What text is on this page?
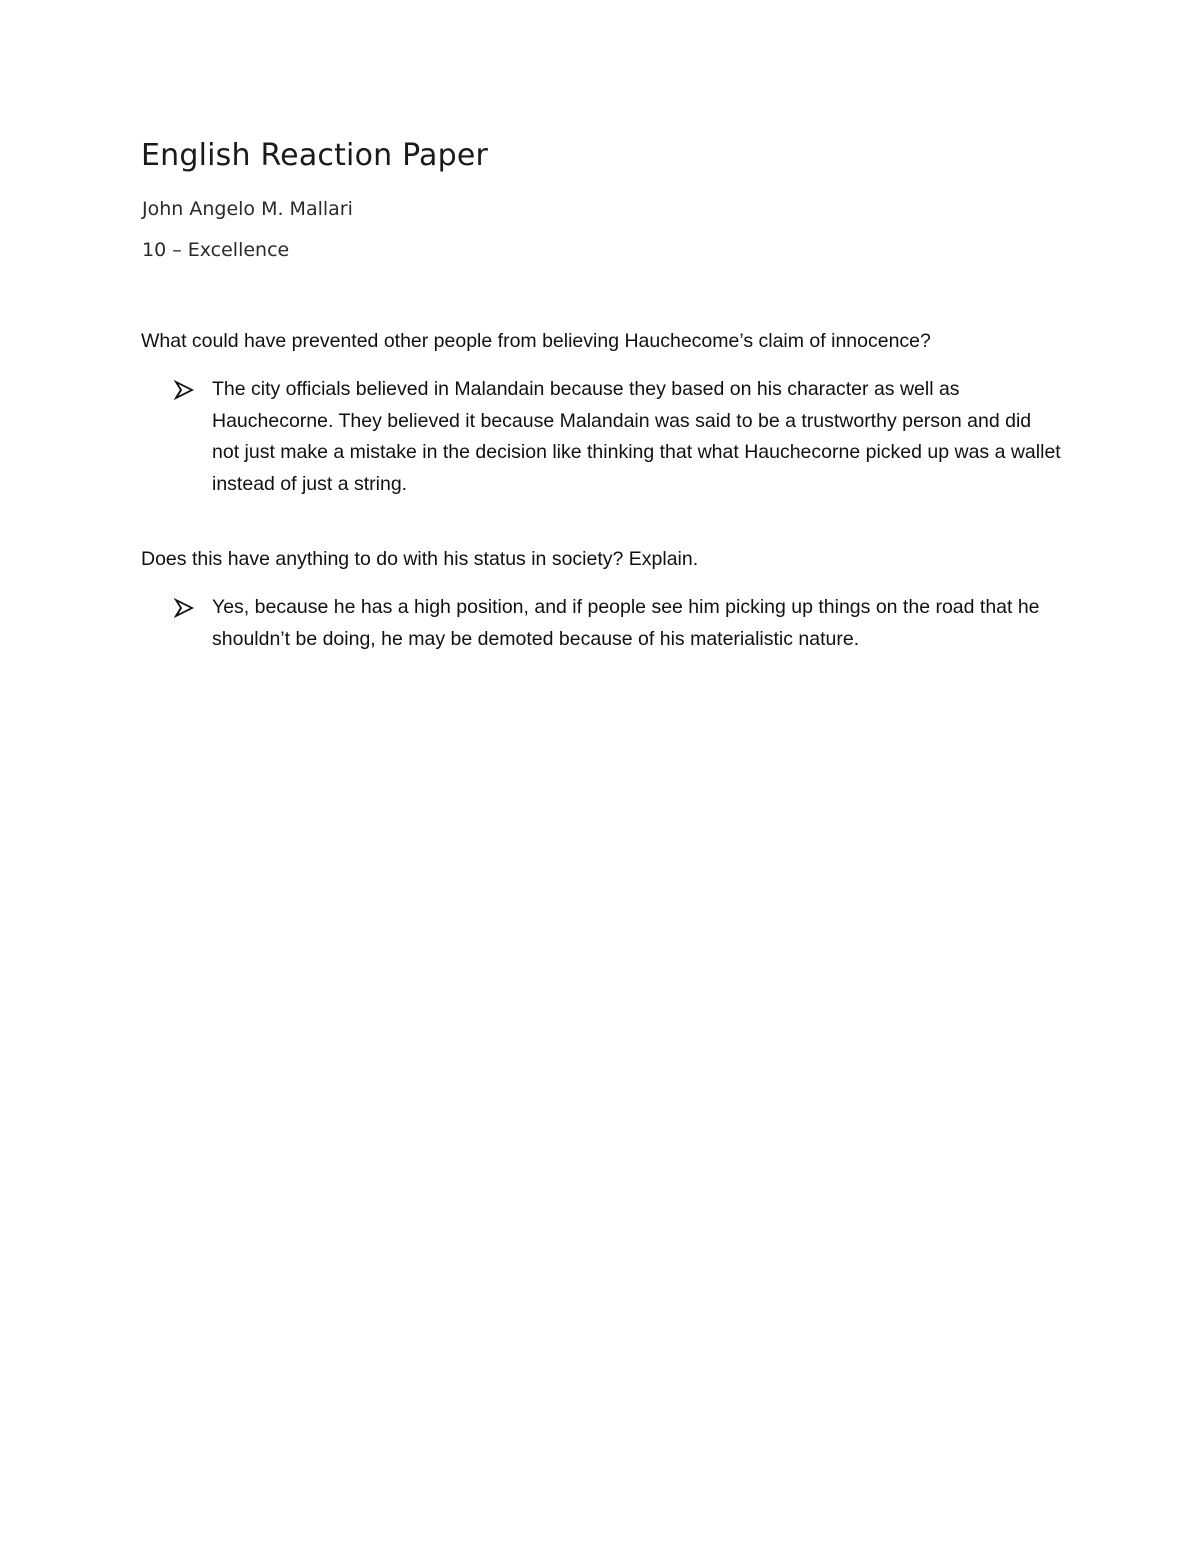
English Reaction Paper
John Angelo M. Mallari
10 – Excellence
What could have prevented other people from believing Hauchecome’s claim of innocence?
The city officials believed in Malandain because they based on his character as well as Hauchecorne. They believed it because Malandain was said to be a trustworthy person and did not just make a mistake in the decision like thinking that what Hauchecorne picked up was a wallet instead of just a string.
Does this have anything to do with his status in society? Explain.
Yes, because he has a high position, and if people see him picking up things on the road that he shouldn’t be doing, he may be demoted because of his materialistic nature.
